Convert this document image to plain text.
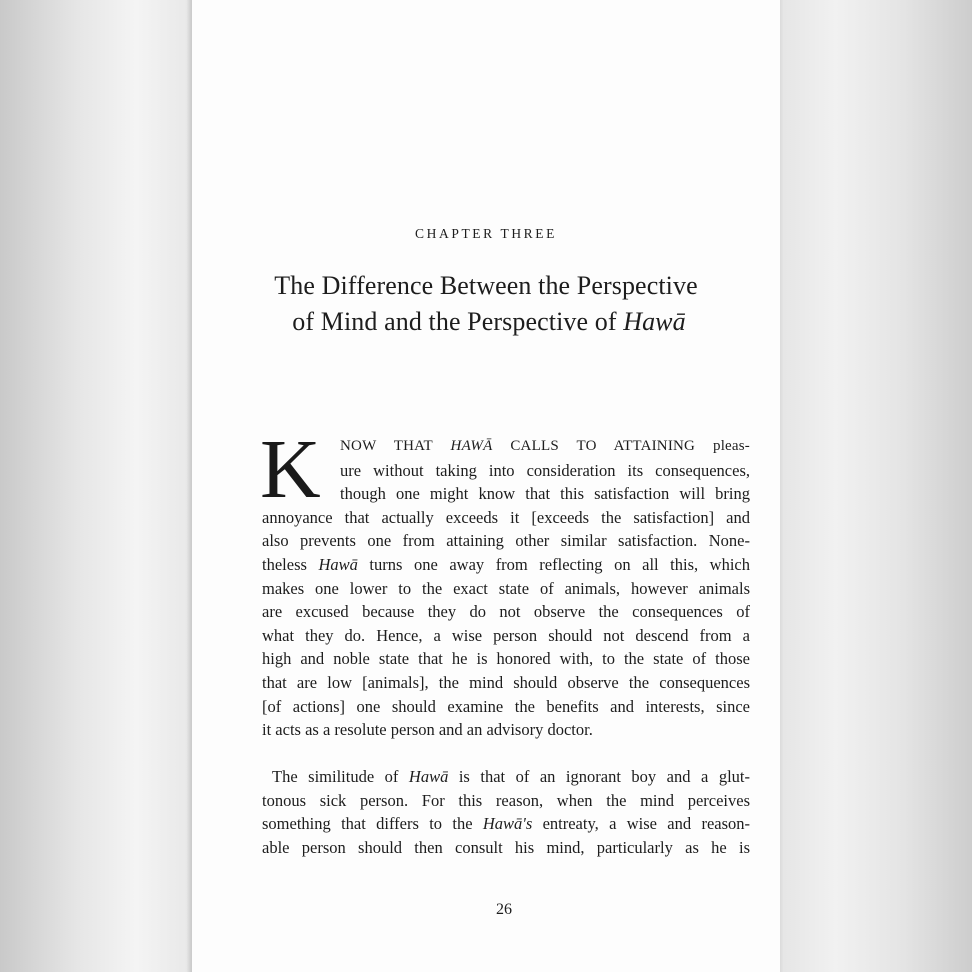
CHAPTER THREE
The Difference Between the Perspective
of Mind and the Perspective of Hawā
K	NOW THAT HAWĀ CALLS TO ATTAINING pleas-
ure without taking into consideration its consequences,
though one might know that this satisfaction will bring
annoyance that actually exceeds it [exceeds the satisfaction] and
also prevents one from attaining other similar satisfaction. None-
theless Hawā turns one away from reflecting on all this, which
makes one lower to the exact state of animals, however animals
are excused because they do not observe the consequences of
what they do. Hence, a wise person should not descend from a
high and noble state that he is honored with, to the state of those
that are low [animals], the mind should observe the consequences
[of actions] one should examine the benefits and interests, since
it acts as a resolute person and an advisory doctor.
The similitude of Hawā is that of an ignorant boy and a glut-
tonous sick person. For this reason, when the mind perceives
something that differs to the Hawā's entreaty, a wise and reason-
able person should then consult his mind, particularly as he is
26
